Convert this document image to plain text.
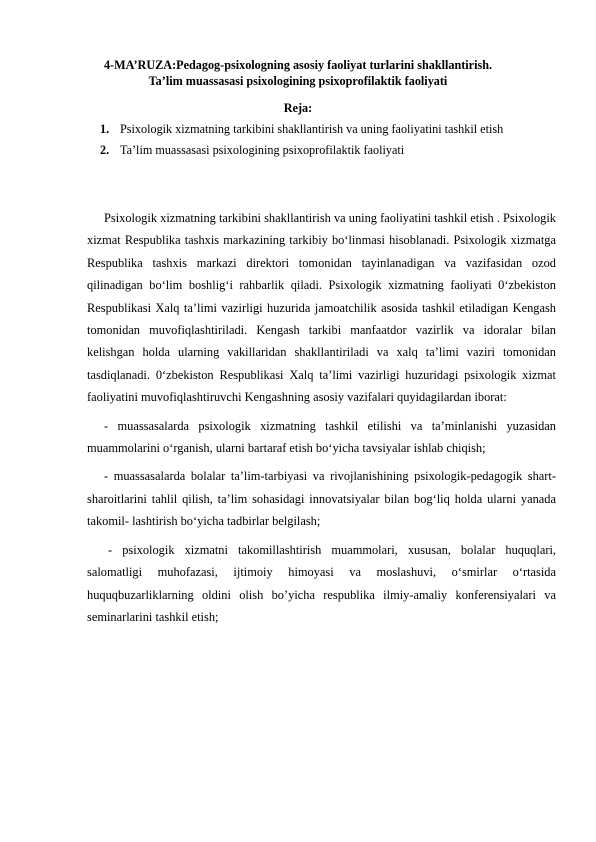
4-MA’RUZA:Pedagog-psixologning asosiy faoliyat turlarini shakllantirish.
Ta’lim muassasasi psixologining psixoprofilaktik faoliyati
Reja:
1. Psixologik xizmatning tarkibini shakllantirish va uning faoliyatini tashkil etish
2. Ta’lim muassasasi psixologining psixoprofilaktik faoliyati

Psixologik xizmatning tarkibini shakllantirish va uning faoliyatini tashkil etish . Psixologik xizmat Respublika tashxis markazining tarkibiy bo‘linmasi hisoblanadi. Psixologik xizmatga Respublika tashxis markazi direktori tomonidan tayinlanadigan va vazifasidan ozod qilinadigan bo‘lim boshlig‘i rahbarlik qiladi. Psixologik xizmatning faoliyati 0‘zbekiston Respublikasi Xalq ta’limi vazirligi huzurida jamoatchilik asosida tashkil etiladigan Kengash tomonidan muvofiqlashtiriladi. Kengash tarkibi manfaatdor vazirlik va idoralar bilan kelishgan holda ularning vakillaridan shakllantiriladi va xalq ta’limi vaziri tomonidan tasdiqlanadi. 0‘zbekiston Respublikasi Xalq ta’limi vazirligi huzuridagi psixologik xizmat faoliyatini muvofiqlashtiruvchi Kengashning asosiy vazifalari quyidagilardan iborat:

- muassasalarda psixologik xizmatning tashkil etilishi va ta’minlanishi yuzasidan muammolarini o‘rganish, ularni bartaraf etish bo‘yicha tavsiyalar ishlab chiqish;

- muassasalarda bolalar ta’lim-tarbiyasi va rivojlanishining psixologik-pedagogik shart-sharoitlarini tahlil qilish, ta’lim sohasidagi innovatsiyalar bilan bog‘liq holda ularni yanada takomil- lashtirish bo‘yicha tadbirlar belgilash;

- psixologik xizmatni takomillashtirish muammolari, xususan, bolalar huquqlari, salomatligi muhofazasi, ijtimoiy himoyasi va moslashuvi, o‘smirlar o‘rtasida huquqbuzarliklarning oldini olish bo’yicha respublika ilmiy-amaliy konferensiyalari va seminarlarini tashkil etish;
